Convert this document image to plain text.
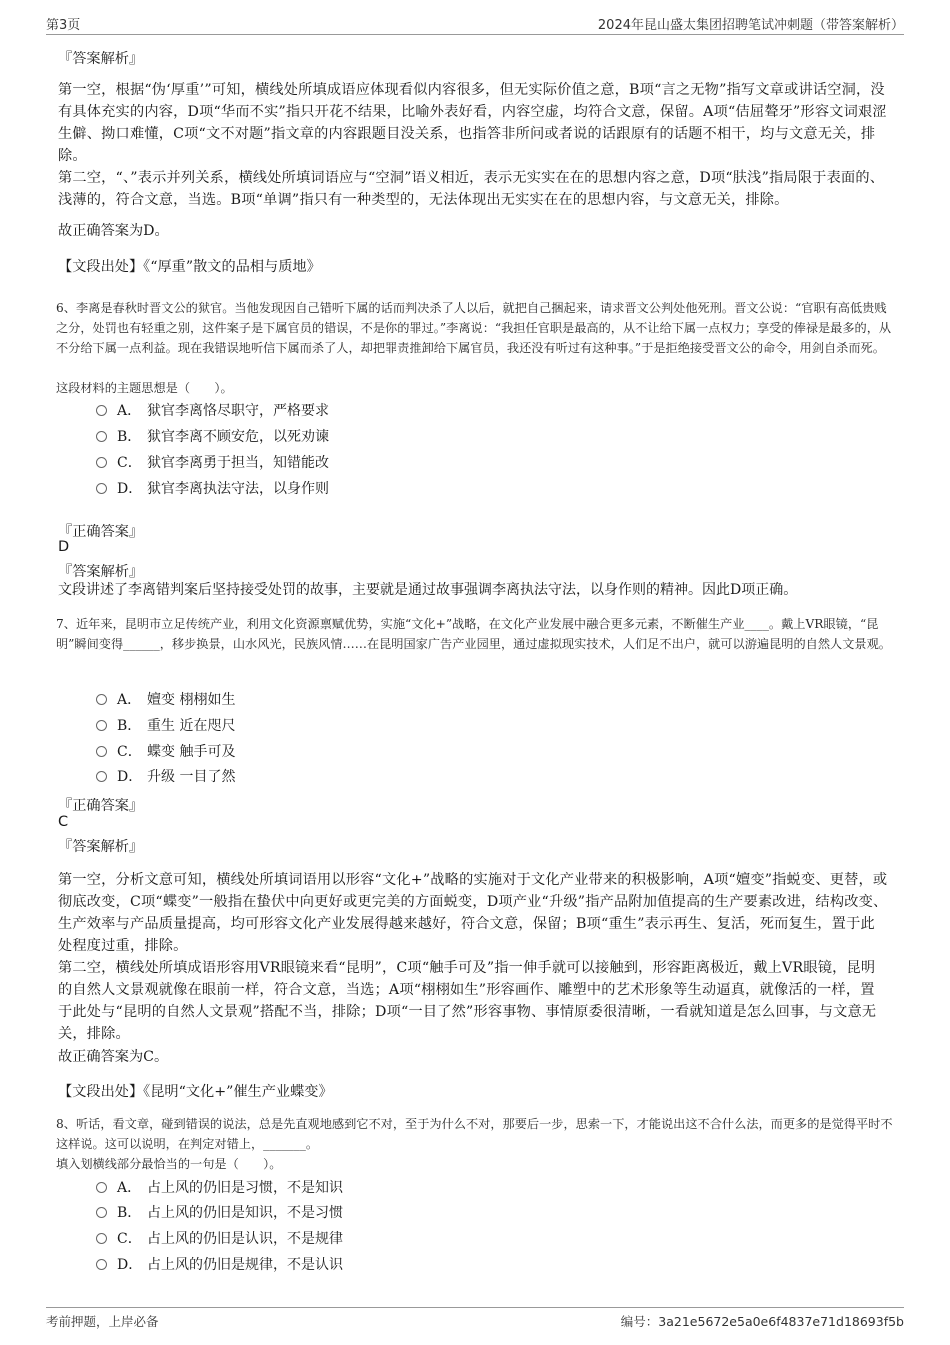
第3页	2024年昆山盛太集团招聘笔试冲刺题（带答案解析）
『答案解析』
第一空，根据“伪‘厚重’”可知，横线处所填成语应体现看似内容很多，但无实际价值之意，B项“言之无物”指写文章或讲话空洞，没有具体充实的内容，D项“华而不实”指只开花不结果，比喻外表好看，内容空虚，均符合文意，保留。A项“佶屈聱牙”形容文词艰涩生僻、拗口难懂，C项“文不对题”指文章的内容跟题目没关系，也指答非所问或者说的话跟原有的话题不相干，均与文意无关，排除。
第二空，“、”表示并列关系，横线处所填词语应与“空洞”语义相近，表示无实实在在的思想内容之意，D项“肤浅”指局限于表面的、浅薄的，符合文意，当选。B项“单调”指只有一种类型的，无法体现出无实实在在的思想内容，与文意无关，排除。
故正确答案为D。
【文段出处】《“厚重”散文的品相与质地》
6、李离是春秋时晋文公的狱官。当他发现因自己错听下属的话而判决杀了人以后，就把自己捆起来，请求晋文公判处他死刑。晋文公说：“官职有高低贵贱之分，处罚也有轻重之别，这件案子是下属官员的错误，不是你的罪过。”李离说：“我担任官职是最高的，从不让给下属一点权力；享受的俸禄是最多的，从不分给下属一点利益。现在我错误地听信下属而杀了人，却把罪责推卸给下属官员，我还没有听过有这种事。”于是拒绝接受晋文公的命令，用剑自杀而死。
这段材料的主题思想是（　　）。
A． 狱官李离恪尽职守，严格要求
B． 狱官李离不顾安危，以死劝谏
C． 狱官李离勇于担当，知错能改
D． 狱官李离执法守法，以身作则
『正确答案』
D
『答案解析』
文段讲述了李离错判案后坚持接受处罚的故事，主要就是通过故事强调李离执法守法，以身作则的精神。因此D项正确。
7、近年来，昆明市立足传统产业，利用文化资源禀赋优势，实施“文化+”战略，在文化产业发展中融合更多元素，不断催生产业____。戴上VR眼镜，“昆明”瞬间变得______，移步换景，山水风光，民族风情……在昆明国家广告产业园里，通过虚拟现实技术，人们足不出户，就可以游遍昆明的自然人文景观。
A． 嬗变 栩栩如生
B． 重生 近在咫尺
C． 蝶变 触手可及
D． 升级 一目了然
『正确答案』
C
『答案解析』
第一空，分析文意可知，横线处所填词语用以形容“文化+”战略的实施对于文化产业带来的积极影响，A项“嬗变”指蜕变、更替，或彻底改变，C项“蝶变”一般指在蛰伏中向更好或更完美的方面蜕变，D项产业“升级”指产品附加值提高的生产要素改进，结构改变、生产效率与产品质量提高，均可形容文化产业发展得越来越好，符合文意，保留；B项“重生”表示再生、复活，死而复生，置于此处程度过重，排除。
第二空，横线处所填成语形容用VR眼镜来看“昆明”，C项“触手可及”指一伸手就可以接触到，形容距离极近，戴上VR眼镜，昆明的自然人文景观就像在眼前一样，符合文意，当选；A项“栩栩如生”形容画作、雕塑中的艺术形象等生动逼真，就像活的一样，置于此处与“昆明的自然人文景观”搭配不当，排除；D项“一目了然”形容事物、事情原委很清晰，一看就知道是怎么回事，与文意无关，排除。
故正确答案为C。
【文段出处】《昆明“文化+”催生产业蝶变》
8、听话，看文章，碰到错误的说法，总是先直观地感到它不对，至于为什么不对，那要后一步，思索一下，才能说出这不合什么法，而更多的是觉得平时不这样说。这可以说明，在判定对错上，_______。
填入划横线部分最恰当的一句是（　　）。
A． 占上风的仍旧是习惯，不是知识
B． 占上风的仍旧是知识，不是习惯
C． 占上风的仍旧是认识，不是规律
D． 占上风的仍旧是规律，不是认识
考前押题，上岸必备	编号：3a21e5672e5a0e6f4837e71d18693f5b
